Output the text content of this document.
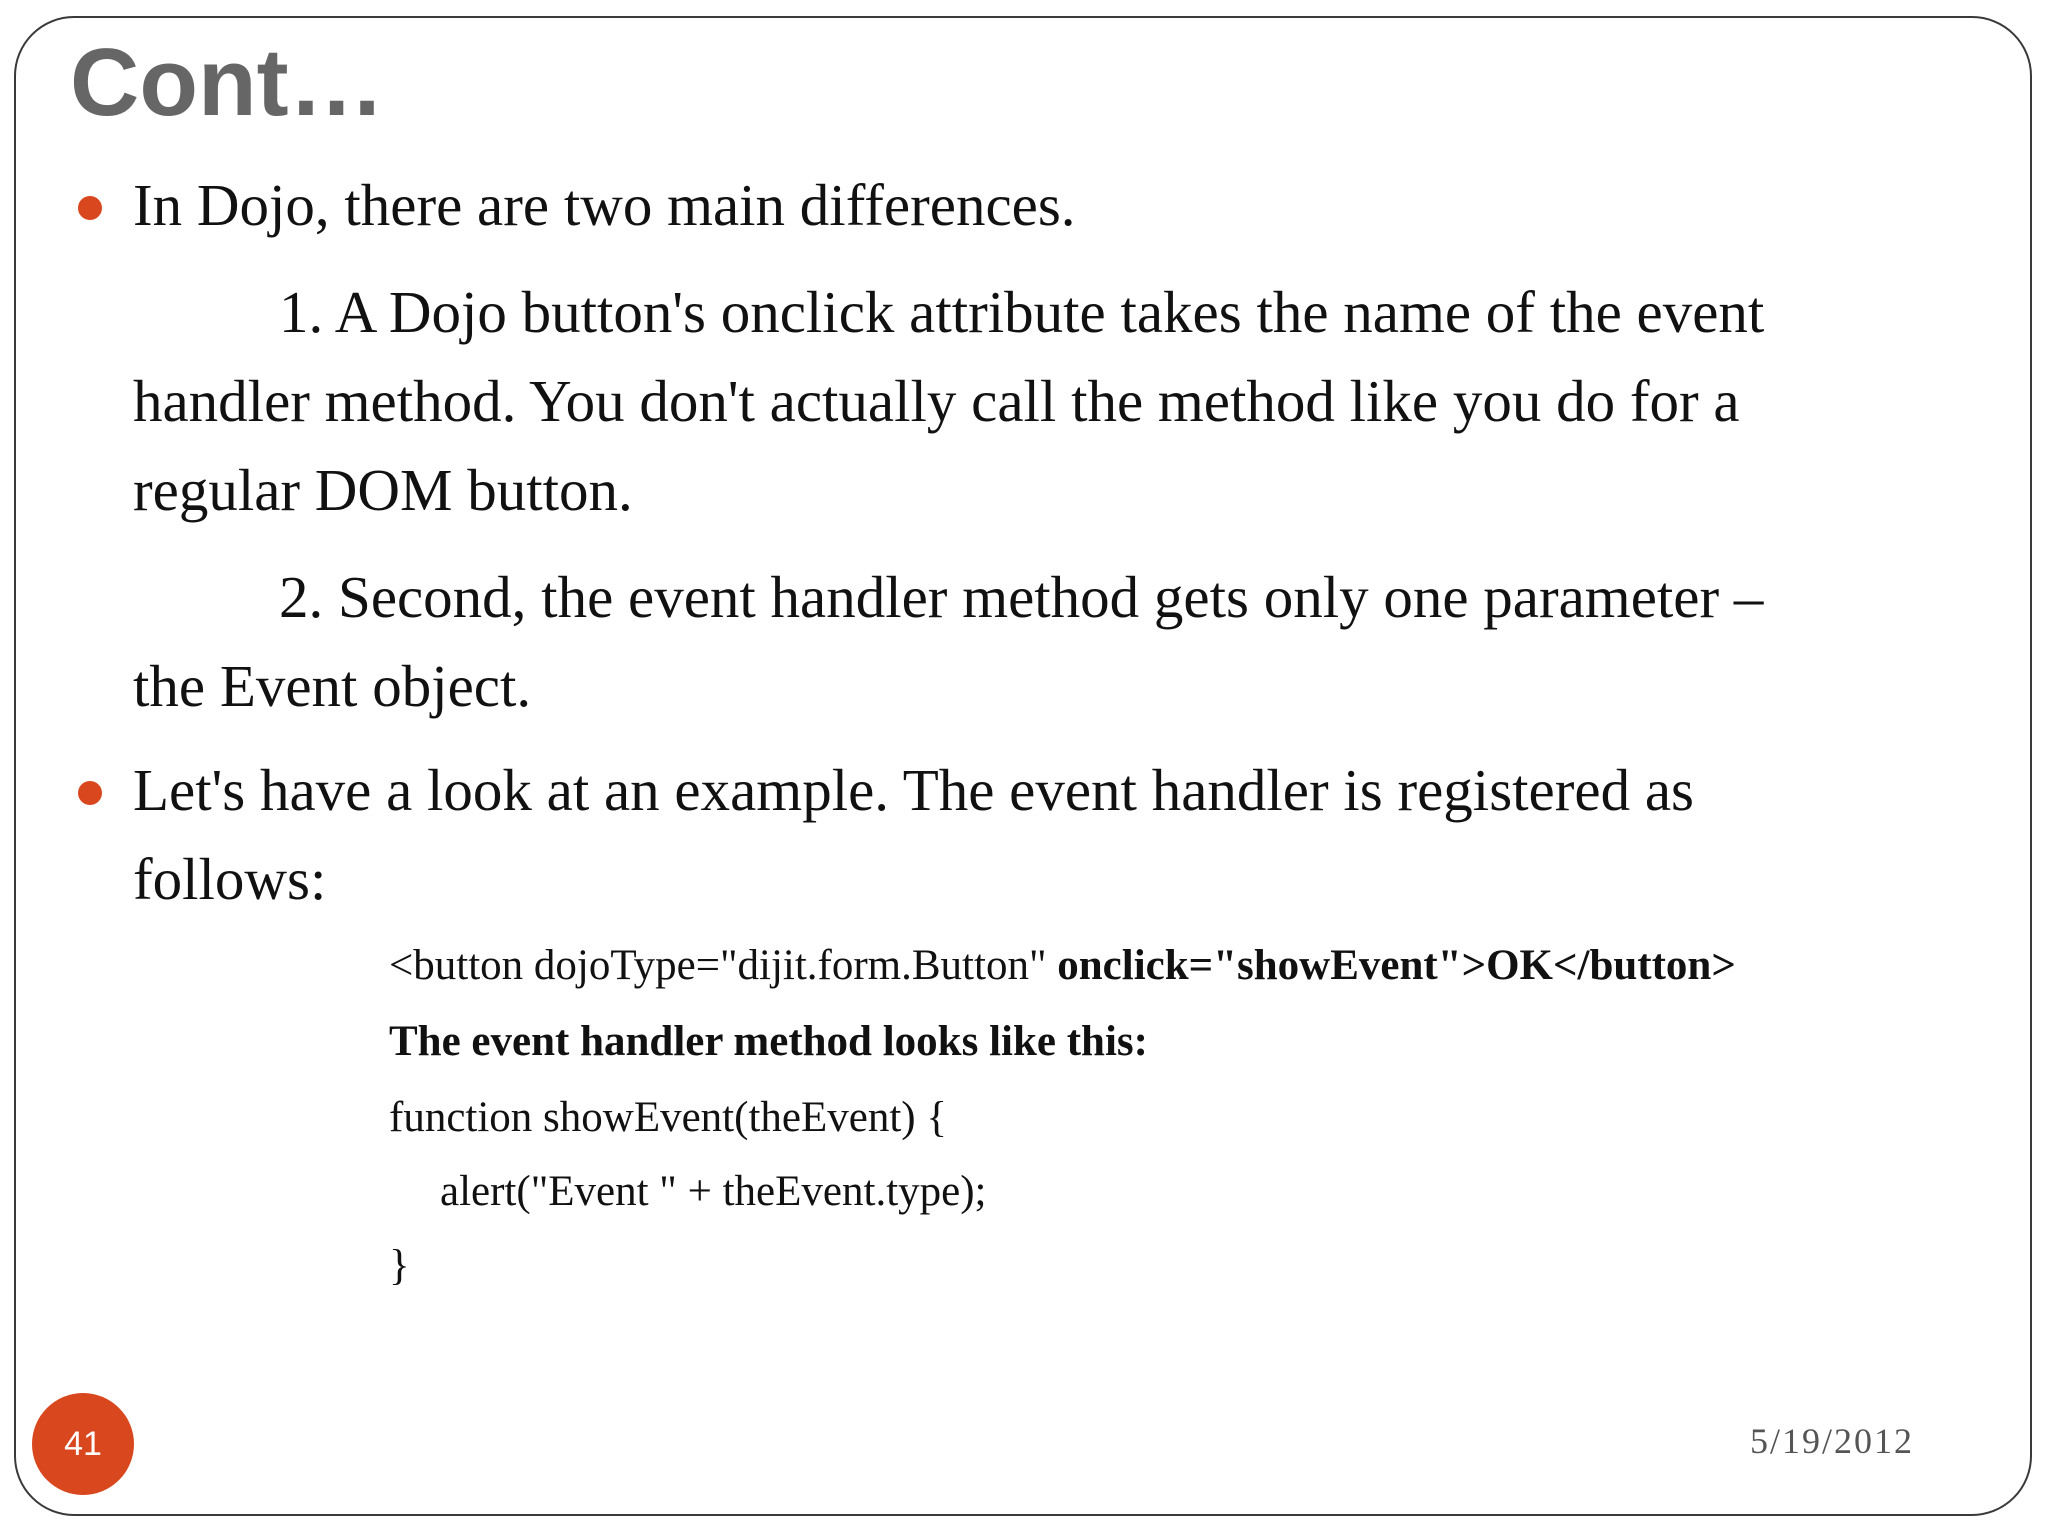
Cont…

In Dojo, there are two main differences.

1. A Dojo button's onclick attribute takes the name of the event

handler method. You don't actually call the method like you do for a

regular DOM button.

2. Second, the event handler method gets only one parameter –

the Event object.

Let's have a look at an example. The event handler is registered as

follows:

<button dojoType="dijit.form.Button" onclick="showEvent">OK</button>

The event handler method looks like this:

function showEvent(theEvent) {

alert("Event " + theEvent.type);

}

41	5/19/2012
